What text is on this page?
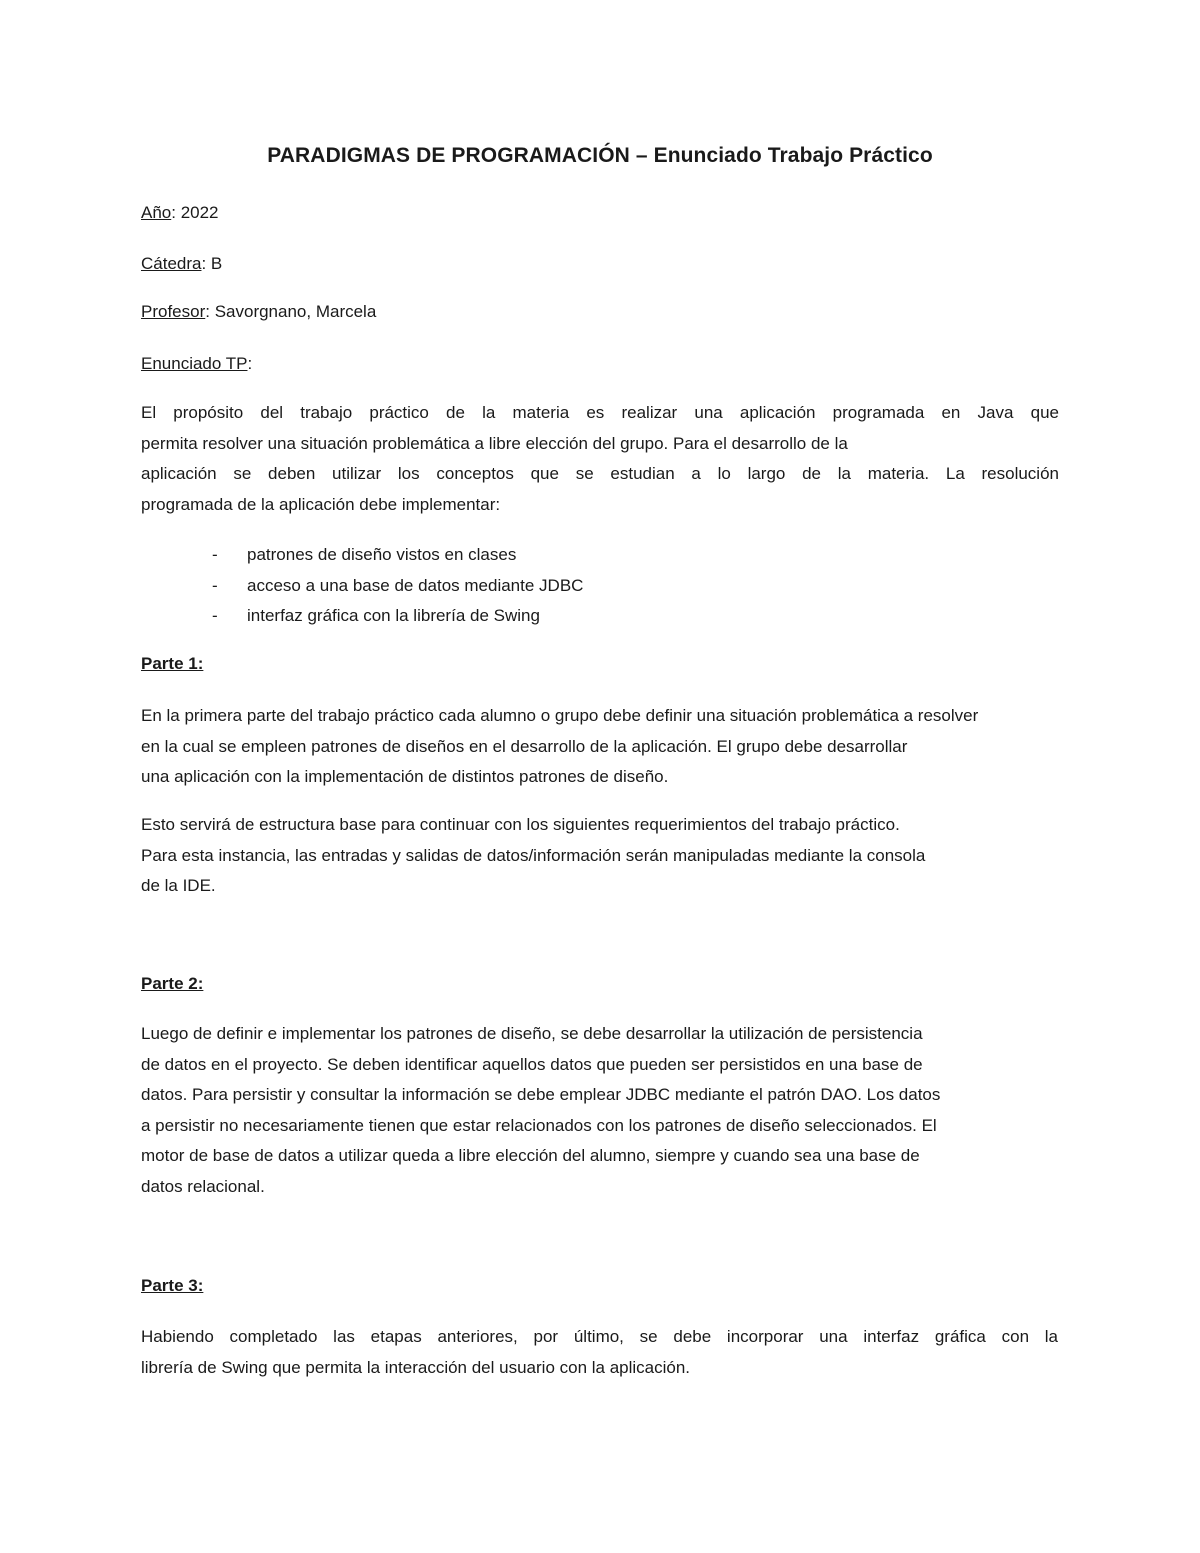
PARADIGMAS DE PROGRAMACIÓN – Enunciado Trabajo Práctico
Año: 2022
Cátedra: B
Profesor: Savorgnano, Marcela
Enunciado TP:
El propósito del trabajo práctico de la materia es realizar una aplicación programada en Java que
permita resolver una situación problemática a libre elección del grupo. Para el desarrollo de la
aplicación se deben utilizar los conceptos que se estudian a lo largo de la materia. La resolución
programada de la aplicación debe implementar:
- patrones de diseño vistos en clases
- acceso a una base de datos mediante JDBC
- interfaz gráfica con la librería de Swing
Parte 1:
En la primera parte del trabajo práctico cada alumno o grupo debe definir una situación problemática a resolver
en la cual se empleen patrones de diseños en el desarrollo de la aplicación. El grupo debe desarrollar
una aplicación con la implementación de distintos patrones de diseño.
Esto servirá de estructura base para continuar con los siguientes requerimientos del trabajo práctico.
Para esta instancia, las entradas y salidas de datos/información serán manipuladas mediante la consola
de la IDE.
Parte 2:
Luego de definir e implementar los patrones de diseño, se debe desarrollar la utilización de persistencia
de datos en el proyecto. Se deben identificar aquellos datos que pueden ser persistidos en una base de
datos. Para persistir y consultar la información se debe emplear JDBC mediante el patrón DAO. Los datos
a persistir no necesariamente tienen que estar relacionados con los patrones de diseño seleccionados. El
motor de base de datos a utilizar queda a libre elección del alumno, siempre y cuando sea una base de
datos relacional.
Parte 3:
Habiendo completado las etapas anteriores, por último, se debe incorporar una interfaz gráfica con la
librería de Swing que permita la interacción del usuario con la aplicación.
